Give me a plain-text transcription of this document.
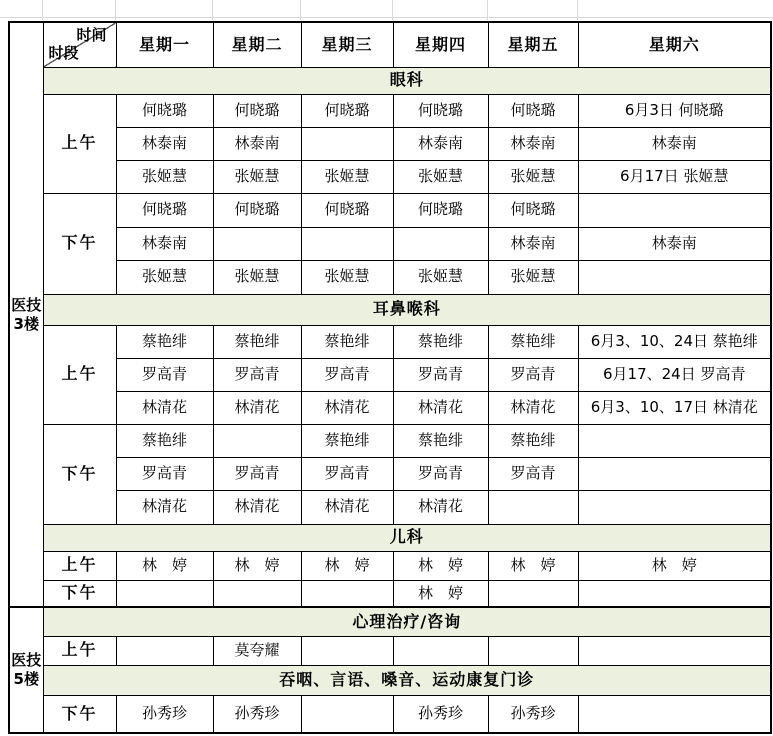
医技
3楼

时间
时段	星期一	星期二	星期三	星期四	星期五	星期六
	眼科						
	上午	何晓璐	何晓璐	何晓璐	何晓璐	何晓璐	6月3日 何晓璐
		林泰南	林泰南		林泰南	林泰南	林泰南
		张姬慧	张姬慧	张姬慧	张姬慧	张姬慧	6月17日 张姬慧
	下午	何晓璐	何晓璐	何晓璐	何晓璐	何晓璐	
		林泰南				林泰南	林泰南
		张姬慧	张姬慧	张姬慧	张姬慧	张姬慧	
	耳鼻喉科						
	上午	蔡艳绯	蔡艳绯	蔡艳绯	蔡艳绯	蔡艳绯	6月3、10、24日 蔡艳绯
		罗高青	罗高青	罗高青	罗高青	罗高青	6月17、24日 罗高青
		林清花	林清花	林清花	林清花	林清花	6月3、10、17日 林清花
	下午	蔡艳绯		蔡艳绯	蔡艳绯	蔡艳绯	
		罗高青	罗高青	罗高青	罗高青	罗高青	
		林清花	林清花	林清花	林清花		
	儿科						
	上午	林　婷	林　婷	林　婷	林　婷	林　婷	林　婷
	下午				林　婷		

医技
5楼	心理治疗/咨询						
	上午		莫夸耀				
	吞咽、言语、嗓音、运动康复门诊						
	下午	孙秀珍	孙秀珍		孙秀珍	孙秀珍	
